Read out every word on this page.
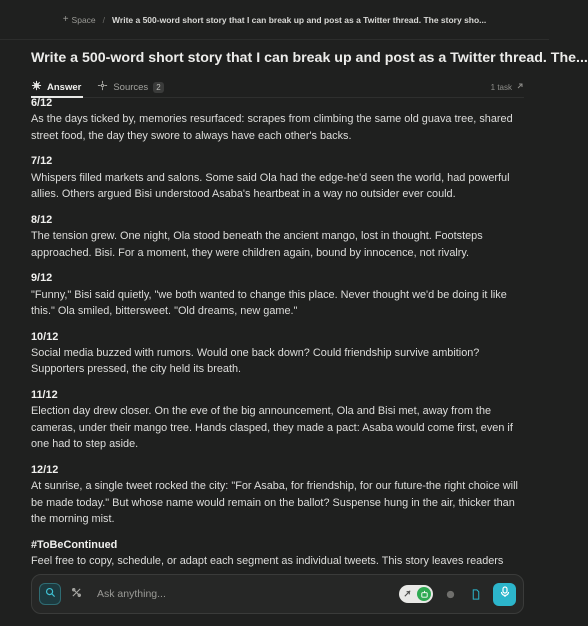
+ Space / Write a 500-word short story that I can break up and post as a Twitter thread. The story sho...
Write a 500-word short story that I can break up and post as a Twitter thread. The...
Answer	Sources	2	1 task
6/12
As the days ticked by, memories resurfaced: scrapes from climbing the same old guava tree, shared street food, the day they swore to always have each other's backs.
7/12
Whispers filled markets and salons. Some said Ola had the edge-he'd seen the world, had powerful allies. Others argued Bisi understood Asaba's heartbeat in a way no outsider ever could.
8/12
The tension grew. One night, Ola stood beneath the ancient mango, lost in thought. Footsteps approached. Bisi. For a moment, they were children again, bound by innocence, not rivalry.
9/12
"Funny," Bisi said quietly, "we both wanted to change this place. Never thought we'd be doing it like this." Ola smiled, bittersweet. "Old dreams, new game."
10/12
Social media buzzed with rumors. Would one back down? Could friendship survive ambition? Supporters pressed, the city held its breath.
11/12
Election day drew closer. On the eve of the big announcement, Ola and Bisi met, away from the cameras, under their mango tree. Hands clasped, they made a pact: Asaba would come first, even if one had to step aside.
12/12
At sunrise, a single tweet rocked the city: "For Asaba, for friendship, for our future-the right choice will be made today." But whose name would remain on the ballot? Suspense hung in the air, thicker than the morning mist.
#ToBeContinued
Feel free to copy, schedule, or adapt each segment as individual tweets. This story leaves readers
Ask anything...
